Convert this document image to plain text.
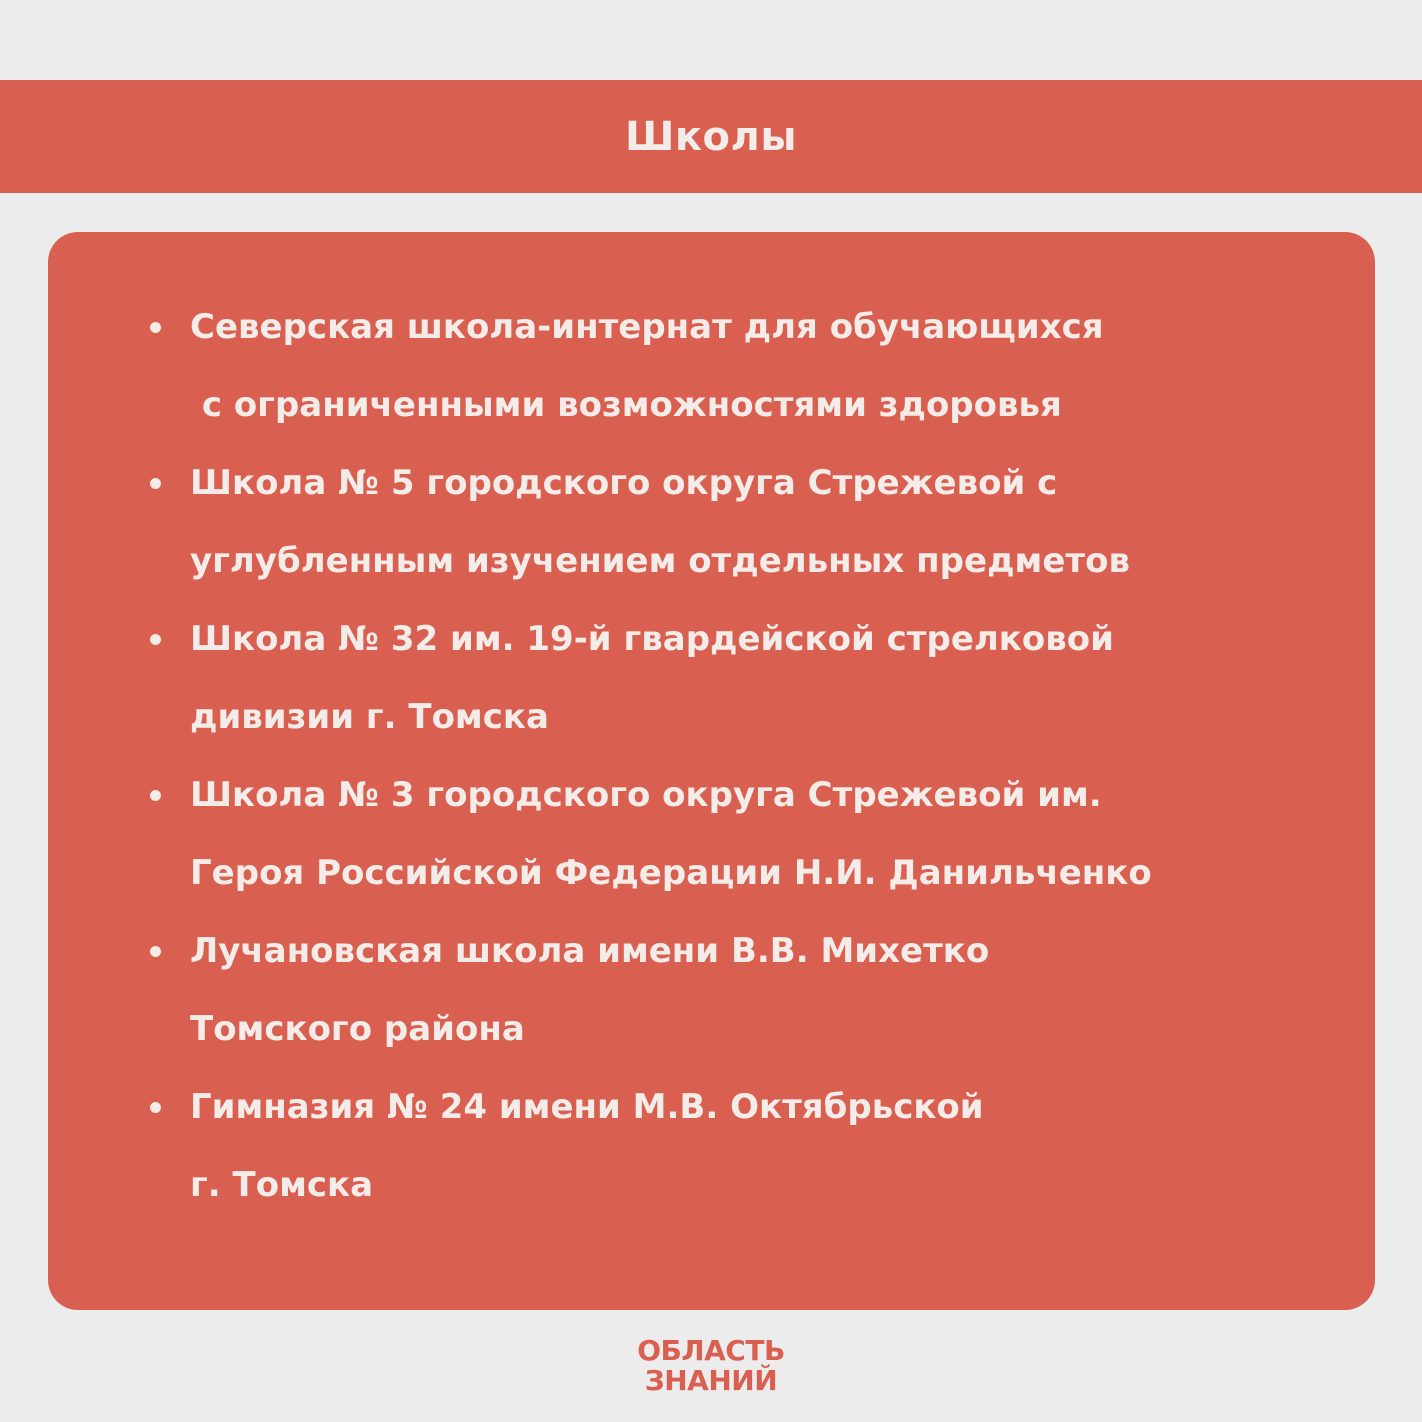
Школы
Северская школа-интернат для обучающихся
с ограниченными возможностями здоровья
Школа № 5 городского округа Стрежевой с
углубленным изучением отдельных предметов
Школа № 32 им. 19-й гвардейской стрелковой
дивизии г. Томска
Школа № 3 городского округа Стрежевой им.
Героя Российской Федерации Н.И. Данильченко
Лучановская школа имени В.В. Михетко
Томского района
Гимназия № 24 имени М.В. Октябрьской
г. Томска
ОБЛАСТЬ
ЗНАНИЙ
